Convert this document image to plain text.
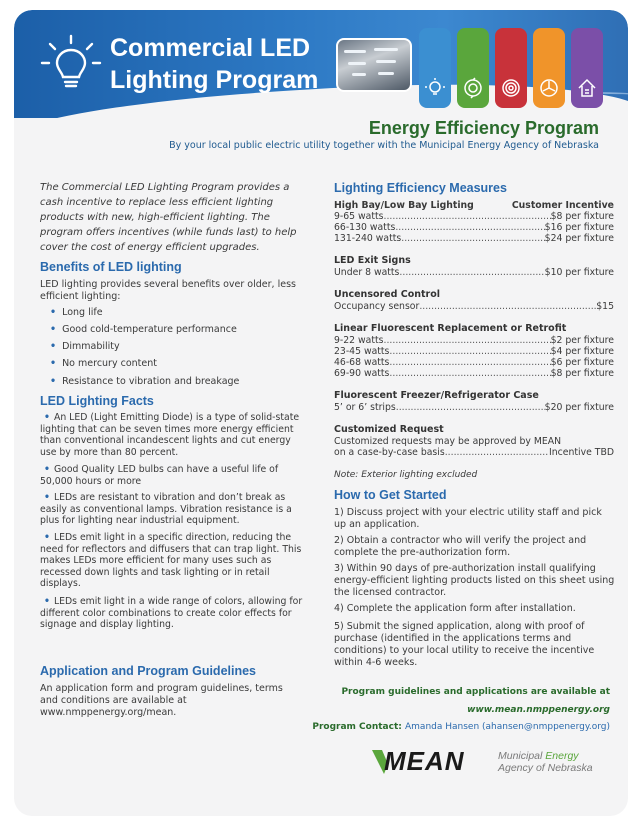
Commercial LED
Lighting Program
Energy Efficiency Program
By your local public electric utility together with the Municipal Energy Agency of Nebraska
The Commercial LED Lighting Program provides a cash incentive to replace less efficient lighting products with new, high-efficient lighting. The program offers incentives (while funds last) to help cover the cost of energy efficient upgrades.
Benefits of LED lighting
LED lighting provides several benefits over older, less efficient lighting:
• Long life
• Good cold-temperature performance
• Dimmability
• No mercury content
• Resistance to vibration and breakage
LED Lighting Facts
• An LED (Light Emitting Diode) is a type of solid-state lighting that can be seven times more energy efficient than conventional incandescent lights and cut energy use by more than 80 percent.
• Good Quality LED bulbs can have a useful life of 50,000 hours or more
• LEDs are resistant to vibration and don’t break as easily as conventional lamps. Vibration resistance is a plus for lighting near industrial equipment.
• LEDs emit light in a specific direction, reducing the need for reflectors and diffusers that can trap light. This makes LEDs more efficient for many uses such as recessed down lights and task lighting or in retail displays.
• LEDs emit light in a wide range of colors, allowing for different color combinations to create color effects for signage and display lighting.
Application and Program Guidelines
An application form and program guidelines, terms and conditions are available at www.nmppenergy.org/mean.
Lighting Efficiency Measures
High Bay/Low Bay Lighting	Customer Incentive
9-65 watts .....	$8 per fixture
66-130 watts .....	$16 per fixture
131-240 watts .....	$24 per fixture
LED Exit Signs
Under 8 watts .....	$10 per fixture
Uncensored Control
Occupancy sensor .....	$15
Linear Fluorescent Replacement or Retrofit
9-22 watts .....	$2 per fixture
23-45 watts .....	$4 per fixture
46-68 watts .....	$6 per fixture
69-90 watts .....	$8 per fixture
Fluorescent Freezer/Refrigerator Case
5’ or 6’ strips .....	$20 per fixture
Customized Request
Customized requests may be approved by MEAN
on a case-by-case basis .....	Incentive TBD
Note: Exterior lighting excluded
How to Get Started
1) Discuss project with your electric utility staff and pick up an application.
2) Obtain a contractor who will verify the project and complete the pre-authorization form.
3) Within 90 days of pre-authorization install qualifying energy-efficient lighting products listed on this sheet using the licensed contractor.
4) Complete the application form after installation.
5) Submit the signed application, along with proof of purchase (identified in the applications terms and conditions) to your local utility to receive the incentive within 4-6 weeks.
Program guidelines and applications are available at
www.mean.nmppenergy.org
Program Contact: Amanda Hansen (ahansen@nmppenergy.org)
MEAN	Municipal Energy
Agency of Nebraska
